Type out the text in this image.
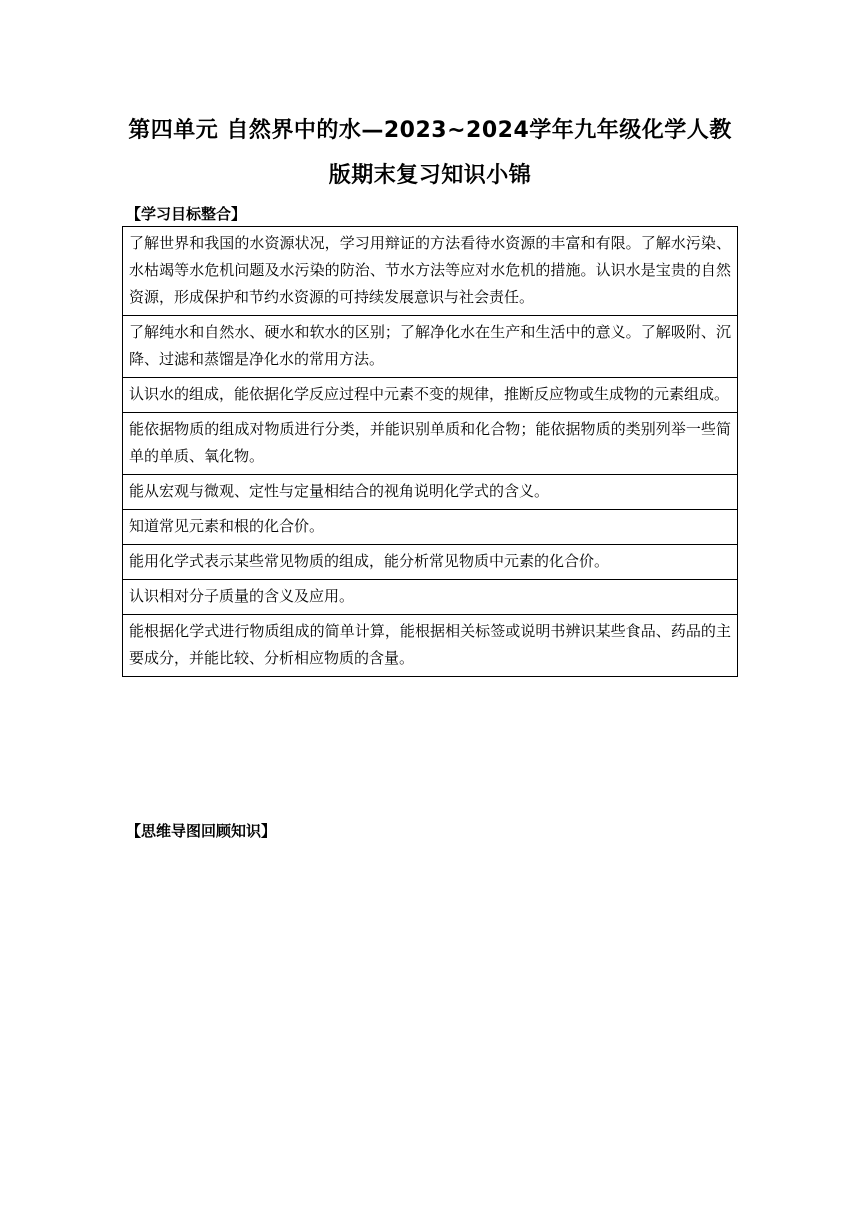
第四单元 自然界中的水—2023~2024学年九年级化学人教
版期末复习知识小锦
【学习目标整合】
了解世界和我国的水资源状况，学习用辩证的方法看待水资源的丰富和有限。了解水污染、水枯竭等水危机问题及水污染的防治、节水方法等应对水危机的措施。认识水是宝贵的自然资源，形成保护和节约水资源的可持续发展意识与社会责任。
了解纯水和自然水、硬水和软水的区别；了解净化水在生产和生活中的意义。了解吸附、沉降、过滤和蒸馏是净化水的常用方法。
认识水的组成，能依据化学反应过程中元素不变的规律，推断反应物或生成物的元素组成。
能依据物质的组成对物质进行分类，并能识别单质和化合物；能依据物质的类别列举一些简单的单质、氧化物。
能从宏观与微观、定性与定量相结合的视角说明化学式的含义。
知道常见元素和根的化合价。
能用化学式表示某些常见物质的组成，能分析常见物质中元素的化合价。
认识相对分子质量的含义及应用。
能根据化学式进行物质组成的简单计算，能根据相关标签或说明书辨识某些食品、药品的主要成分，并能比较、分析相应物质的含量。
【思维导图回顾知识】
